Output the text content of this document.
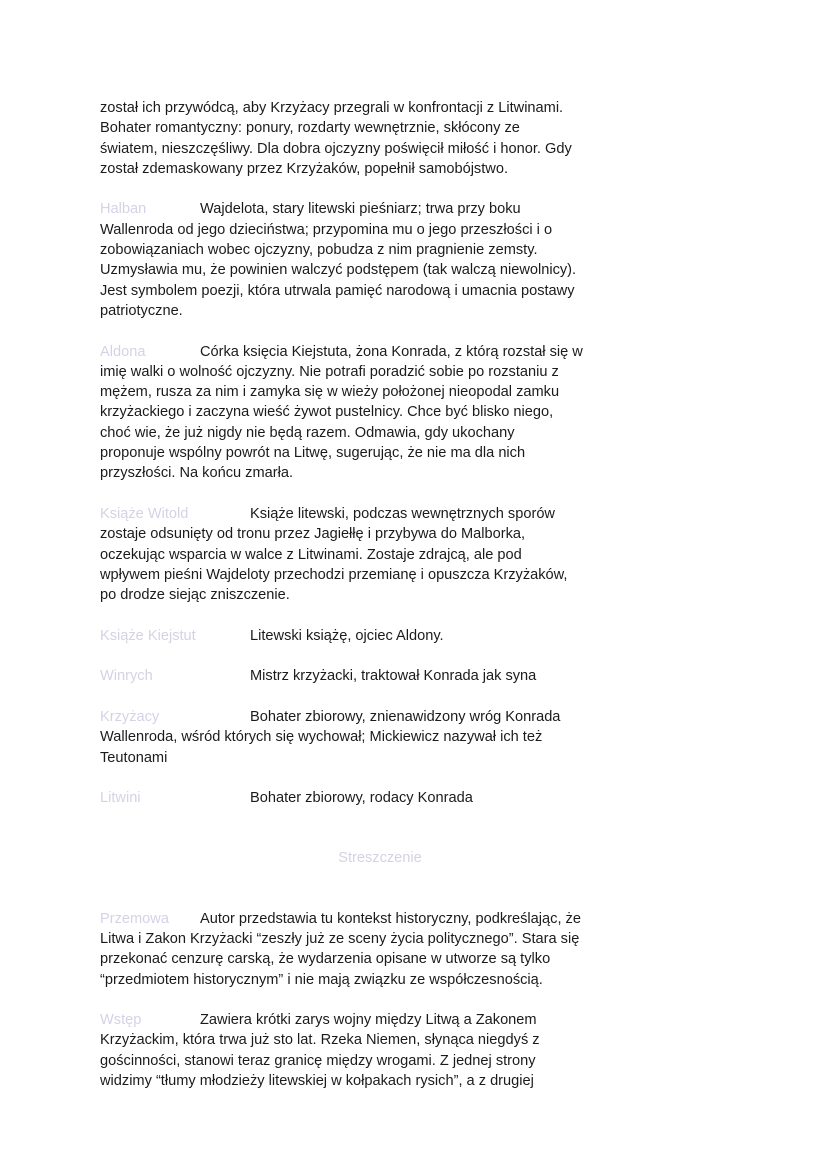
został ich przywódcą, aby Krzyżacy przegrali w konfrontacji z Litwinami.
Bohater romantyczny: ponury, rozdarty wewnętrznie, skłócony ze
światem, nieszczęśliwy. Dla dobra ojczyzny poświęcił miłość i honor. Gdy
został zdemaskowany przez Krzyżaków, popełnił samobójstwo.

Halban	Wajdelota, stary litewski pieśniarz; trwa przy boku
Wallenroda od jego dzieciństwa; przypomina mu o jego przeszłości i o
zobowiązaniach wobec ojczyzny, pobudza z nim pragnienie zemsty.
Uzmysławia mu, że powinien walczyć podstępem (tak walczą niewolnicy).
Jest symbolem poezji, która utrwala pamięć narodową i umacnia postawy
patriotyczne.

Aldona	Córka księcia Kiejstuta, żona Konrada, z którą rozstał się w
imię walki o wolność ojczyzny. Nie potrafi poradzić sobie po rozstaniu z
mężem, rusza za nim i zamyka się w wieży położonej nieopodal zamku
krzyżackiego i zaczyna wieść żywot pustelnicy. Chce być blisko niego,
choć wie, że już nigdy nie będą razem. Odmawia, gdy ukochany
proponuje wspólny powrót na Litwę, sugerując, że nie ma dla nich
przyszłości. Na końcu zmarła.

Książe Witold	Książe litewski, podczas wewnętrznych sporów
zostaje odsunięty od tronu przez Jagiełłę i przybywa do Malborka,
oczekując wsparcia w walce z Litwinami. Zostaje zdrajcą, ale pod
wpływem pieśni Wajdeloty przechodzi przemianę i opuszcza Krzyżaków,
po drodze siejąc zniszczenie.

Książe Kiejstut	Litewski książę, ojciec Aldony.

Winrych	Mistrz krzyżacki, traktował Konrada jak syna

Krzyżacy	Bohater zbiorowy, znienawidzony wróg Konrada
Wallenroda, wśród których się wychował; Mickiewicz nazywał ich też
Teutonami

Litwini	Bohater zbiorowy, rodacy Konrada

Streszczenie

Przemowa Autor przedstawia tu kontekst historyczny, podkreślając, że
Litwa i Zakon Krzyżacki “zeszły już ze sceny życia politycznego”. Stara się
przekonać cenzurę carską, że wydarzenia opisane w utworze są tylko
“przedmiotem historycznym” i nie mają związku ze współczesnością.

Wstęp	Zawiera krótki zarys wojny między Litwą a Zakonem
Krzyżackim, która trwa już sto lat. Rzeka Niemen, słynąca niegdyś z
gościnności, stanowi teraz granicę między wrogami. Z jednej strony
widzimy “tłumy młodzieży litewskiej w kołpakach rysich”, a z drugiej
